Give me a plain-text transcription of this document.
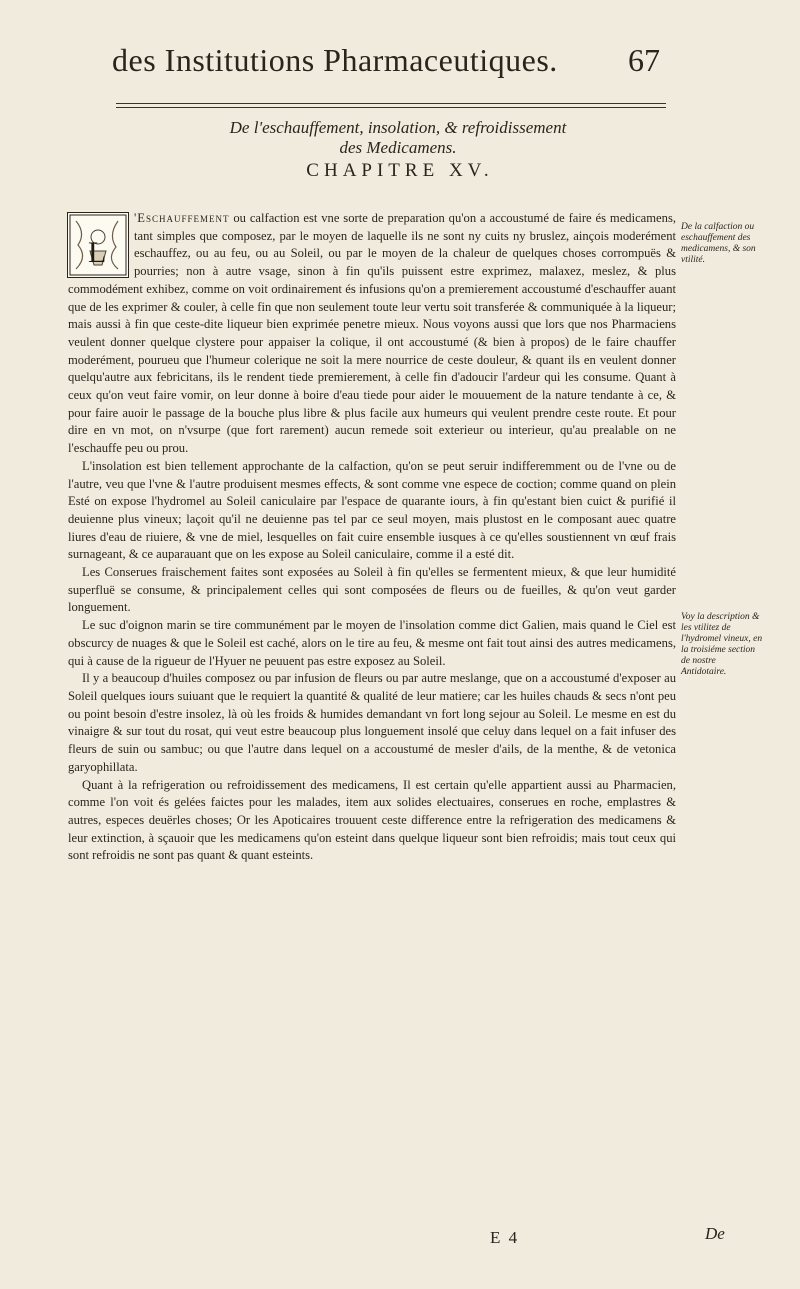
des Institutions Pharmaceutiques.	67
De l'eschauffement, insolation, & refroidissement
des Medicamens.
CHAPITRE XV.
L

'Eschauffement ou calfaction est vne sorte de preparation qu'on a accoustumé de faire és medicamens, tant simples que composez, par le moyen de laquelle ils ne sont ny cuits ny bruslez, ainçois moderément eschauffez, ou au feu, ou au Soleil, ou par le moyen de la chaleur de quelques choses corrompuës & pourries; non à autre vsage, sinon à fin qu'ils puissent estre exprimez, malaxez, meslez, & plus commodément exhibez, comme on voit ordinairement és infusions qu'on a premierement accoustumé d'eschauffer auant que de les exprimer & couler, à celle fin que non seulement toute leur vertu soit transferée & communiquée à la liqueur; mais aussi à fin que ceste-dite liqueur bien exprimée penetre mieux. Nous voyons aussi que lors que nos Pharmaciens veulent donner quelque clystere pour appaiser la colique, il ont accoustumé (& bien à propos) de le faire chauffer moderément, pourueu que l'humeur colerique ne soit la mere nourrice de ceste douleur, & quant ils en veulent donner quelqu'autre aux febricitans, ils le rendent tiede premierement, à celle fin d'adoucir l'ardeur qui les consume. Quant à ceux qu'on veut faire vomir, on leur donne à boire d'eau tiede pour aider le mouuement de la nature tendante à ce, & pour faire auoir le passage de la bouche plus libre & plus facile aux humeurs qui veulent prendre ceste route. Et pour dire en vn mot, on n'vsurpe (que fort rarement) aucun remede soit exterieur ou interieur, qu'au prealable on ne l'eschauffe peu ou prou.

L'insolation est bien tellement approchante de la calfaction, qu'on se peut seruir indifferemment ou de l'vne ou de l'autre, veu que l'vne & l'autre produisent mesmes effects, & sont comme vne espece de coction; comme quand on plein Esté on expose l'hydromel au Soleil caniculaire par l'espace de quarante iours, à fin qu'estant bien cuict & purifié il deuienne plus vineux; laçoit qu'il ne deuienne pas tel par ce seul moyen, mais plustost en le composant auec quatre liures d'eau de riuiere, & vne de miel, lesquelles on fait cuire ensemble iusques à ce qu'elles soustiennent vn œuf frais surnageant, & ce auparauant que on les expose au Soleil caniculaire, comme il a esté dit.

Les Conserues fraischement faites sont exposées au Soleil à fin qu'elles se fermentent mieux, & que leur humidité superfluë se consume, & principalement celles qui sont composées de fleurs ou de fueilles, & qu'on veut garder longuement.

Le suc d'oignon marin se tire communément par le moyen de l'insolation comme dict Galien, mais quand le Ciel est obscurcy de nuages & que le Soleil est caché, alors on le tire au feu, & mesme ont fait tout ainsi des autres medicamens, qui à cause de la rigueur de l'Hyuer ne peuuent pas estre exposez au Soleil.

Il y a beaucoup d'huiles composez ou par infusion de fleurs ou par autre meslange, que on a accoustumé d'exposer au Soleil quelques iours suiuant que le requiert la quantité & qualité de leur matiere; car les huiles chauds & secs n'ont peu ou point besoin d'estre insolez, là où les froids & humides demandant vn fort long sejour au Soleil. Le mesme en est du vinaigre & sur tout du rosat, qui veut estre beaucoup plus longuement insolé que celuy dans lequel on a fait infuser des fleurs de suin ou sambuc; ou que l'autre dans lequel on a accoustumé de mesler d'ails, de la menthe, & de vetonica garyophillata.

Quant à la refrigeration ou refroidissement des medicamens, Il est certain qu'elle appartient aussi au Pharmacien, comme l'on voit és gelées faictes pour les malades, item aux solides electuaires, conserues en roche, emplastres & autres, especes deuërles choses; Or les Apoticaires trouuent ceste difference entre la refrigeration des medicamens & leur extinction, à sçauoir que les medicamens qu'on esteint dans quelque liqueur sont bien refroidis; mais tout ceux qui sont refroidis ne sont pas quant & quant esteints.

De la calfaction ou eschauffement des medicamens, & son vtilité.
Voy la description & les vtilitez de l'hydromel vineux, en la troisiéme section de nostre Antidotaire.
E 4	De
